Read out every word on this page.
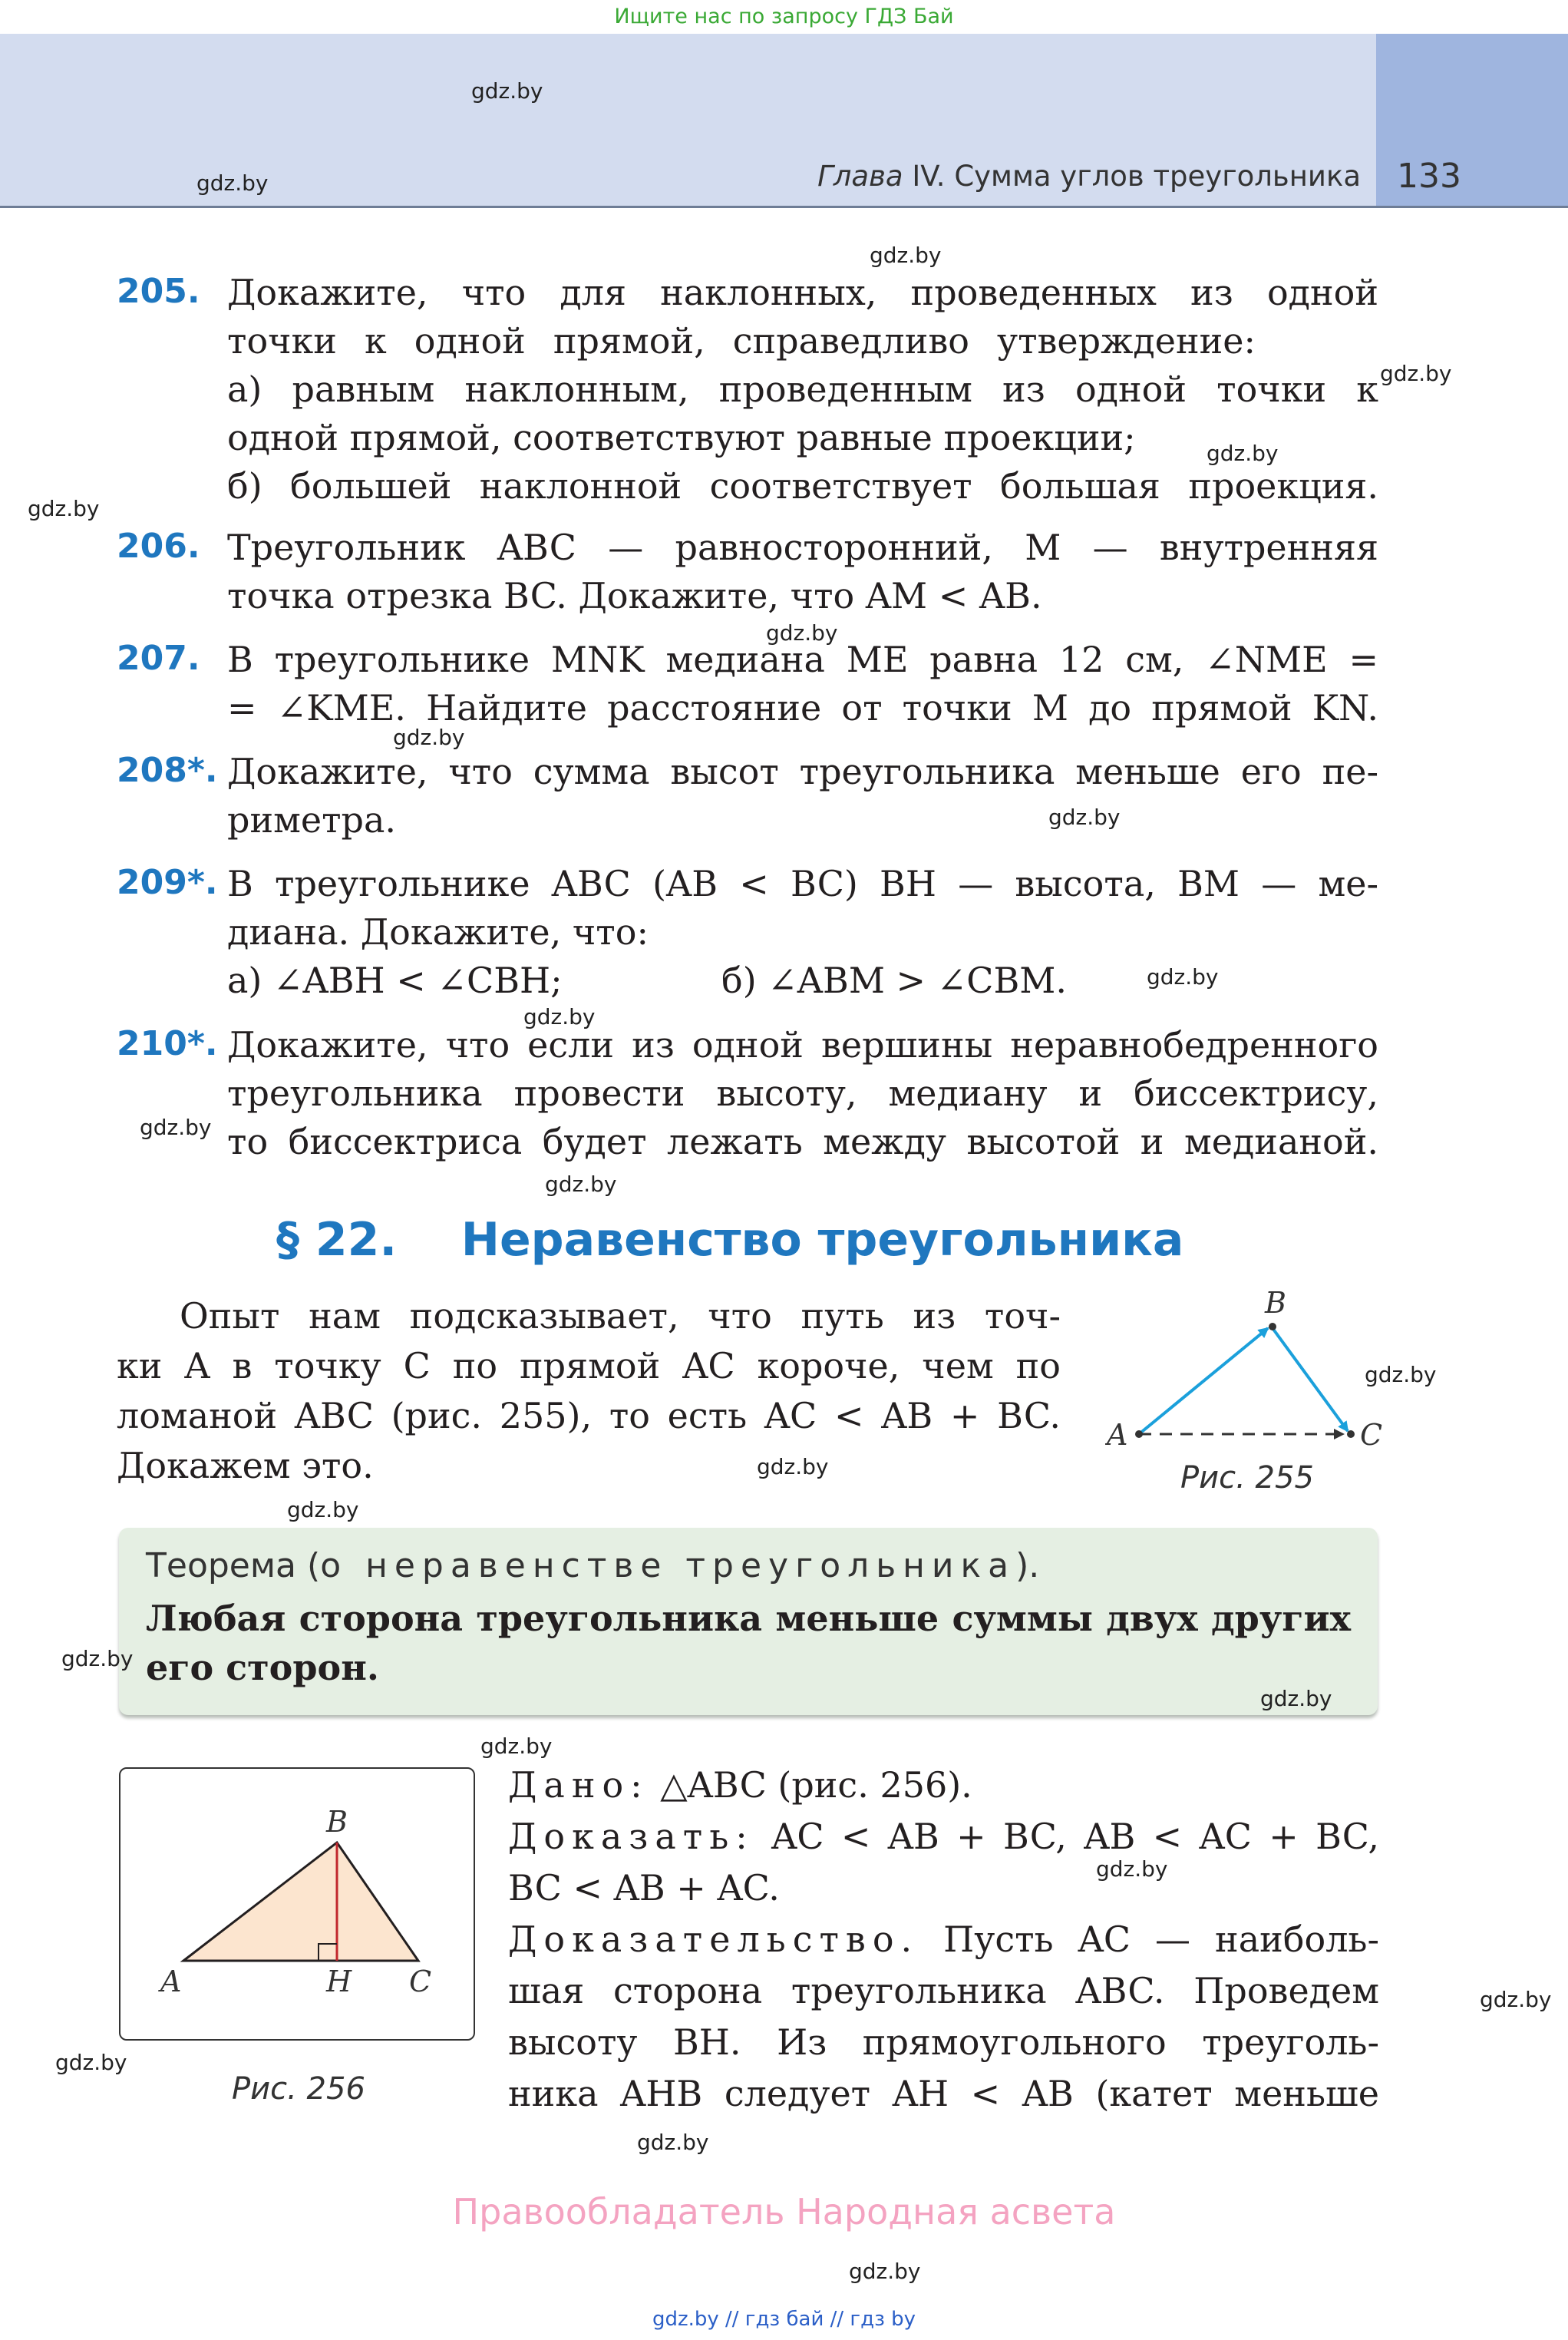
Ищите нас по запросу ГДЗ Бай
Глава IV. Сумма углов треугольника 133
205. Докажите, что для наклонных, проведенных из одной
точки к одной прямой, справедливо утверждение:
а) равным наклонным, проведенным из одной точки к
одной прямой, соответствуют равные проекции;
б) большей наклонной соответствует большая проекция.
206. Треугольник ABC — равносторонний, M — внутренняя
точка отрезка BC. Докажите, что AM < AB.
207. В треугольнике MNK медиана ME равна 12 см, ∠NME =
= ∠KME. Найдите расстояние от точки M до прямой KN.
208*. Докажите, что сумма высот треугольника меньше его пе-
риметра.
209*. В треугольнике ABC (AB < BC) BH — высота, BM — ме-
диана. Докажите, что:
а) ∠ABH < ∠CBH;	б) ∠ABM > ∠CBM.
210*. Докажите, что если из одной вершины неравнобедренного
треугольника провести высоту, медиану и биссектрису,
то биссектриса будет лежать между высотой и медианой.
§ 22. Неравенство треугольника
Опыт нам подсказывает, что путь из точ-
ки A в точку C по прямой AC короче, чем по
ломаной ABC (рис. 255), то есть AC < AB + BC.
Докажем это.
A
B
C
Рис. 255
Теорема (о неравенстве треугольника).
Любая сторона треугольника меньше суммы двух других
его сторон.
B
A	H C
Рис. 256
Дано: △ABC (рис. 256).
Доказать: AC < AB + BC, AB < AC + BC,
BC < AB + AC.
Доказательство. Пусть AC — наиболь-
шая сторона треугольника ABC. Проведем
высоту BH. Из прямоугольного треуголь-
ника AHB следует AH < AB (катет меньше
gdz.by
gdz.by
gdz.by
gdz.by
gdz.by
gdz.by
gdz.by
gdz.by
gdz.by
gdz.by
gdz.by
gdz.by
gdz.by
gdz.by
gdz.by
gdz.by
gdz.by
gdz.by
gdz.by
gdz.by
gdz.by
gdz.by
gdz.by
gdz.by
Правообладатель Народная асвета
gdz.by // гдз бай // гдз by
